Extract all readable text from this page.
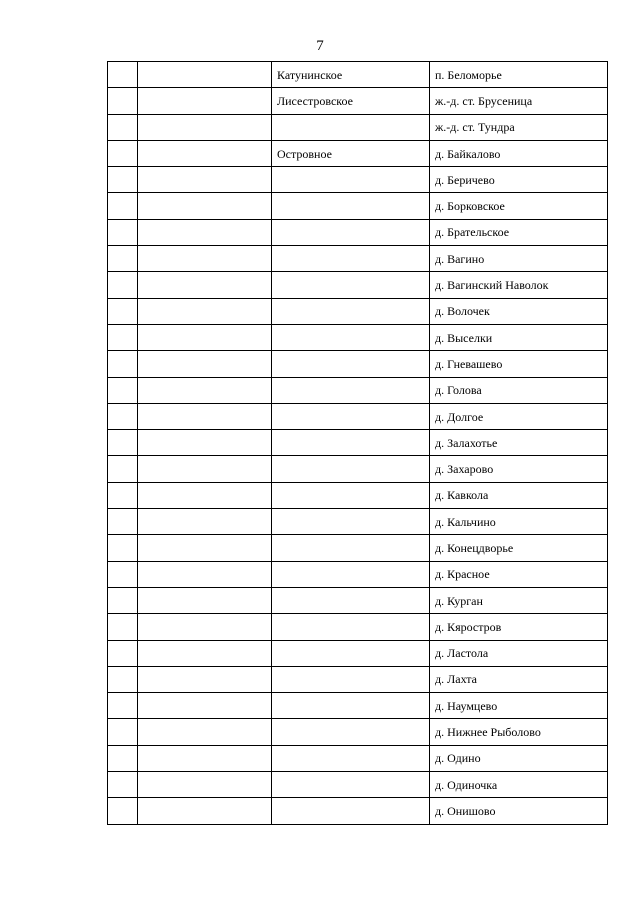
7
		Катунинское	п. Беломорье
		Лисестровское	ж.-д. ст. Брусеница
			ж.-д. ст. Тундра
		Островное	д. Байкалово
			д. Беричево
			д. Борковское
			д. Брательское
			д. Вагино
			д. Вагинский Наволок
			д. Волочек
			д. Выселки
			д. Гневашево
			д. Голова
			д. Долгое
			д. Залахотье
			д. Захарово
			д. Кавкола
			д. Кальчино
			д. Конецдворье
			д. Красное
			д. Курган
			д. Кяростров
			д. Ластола
			д. Лахта
			д. Наумцево
			д. Нижнее Рыболово
			д. Одино
			д. Одиночка
			д. Онишово
